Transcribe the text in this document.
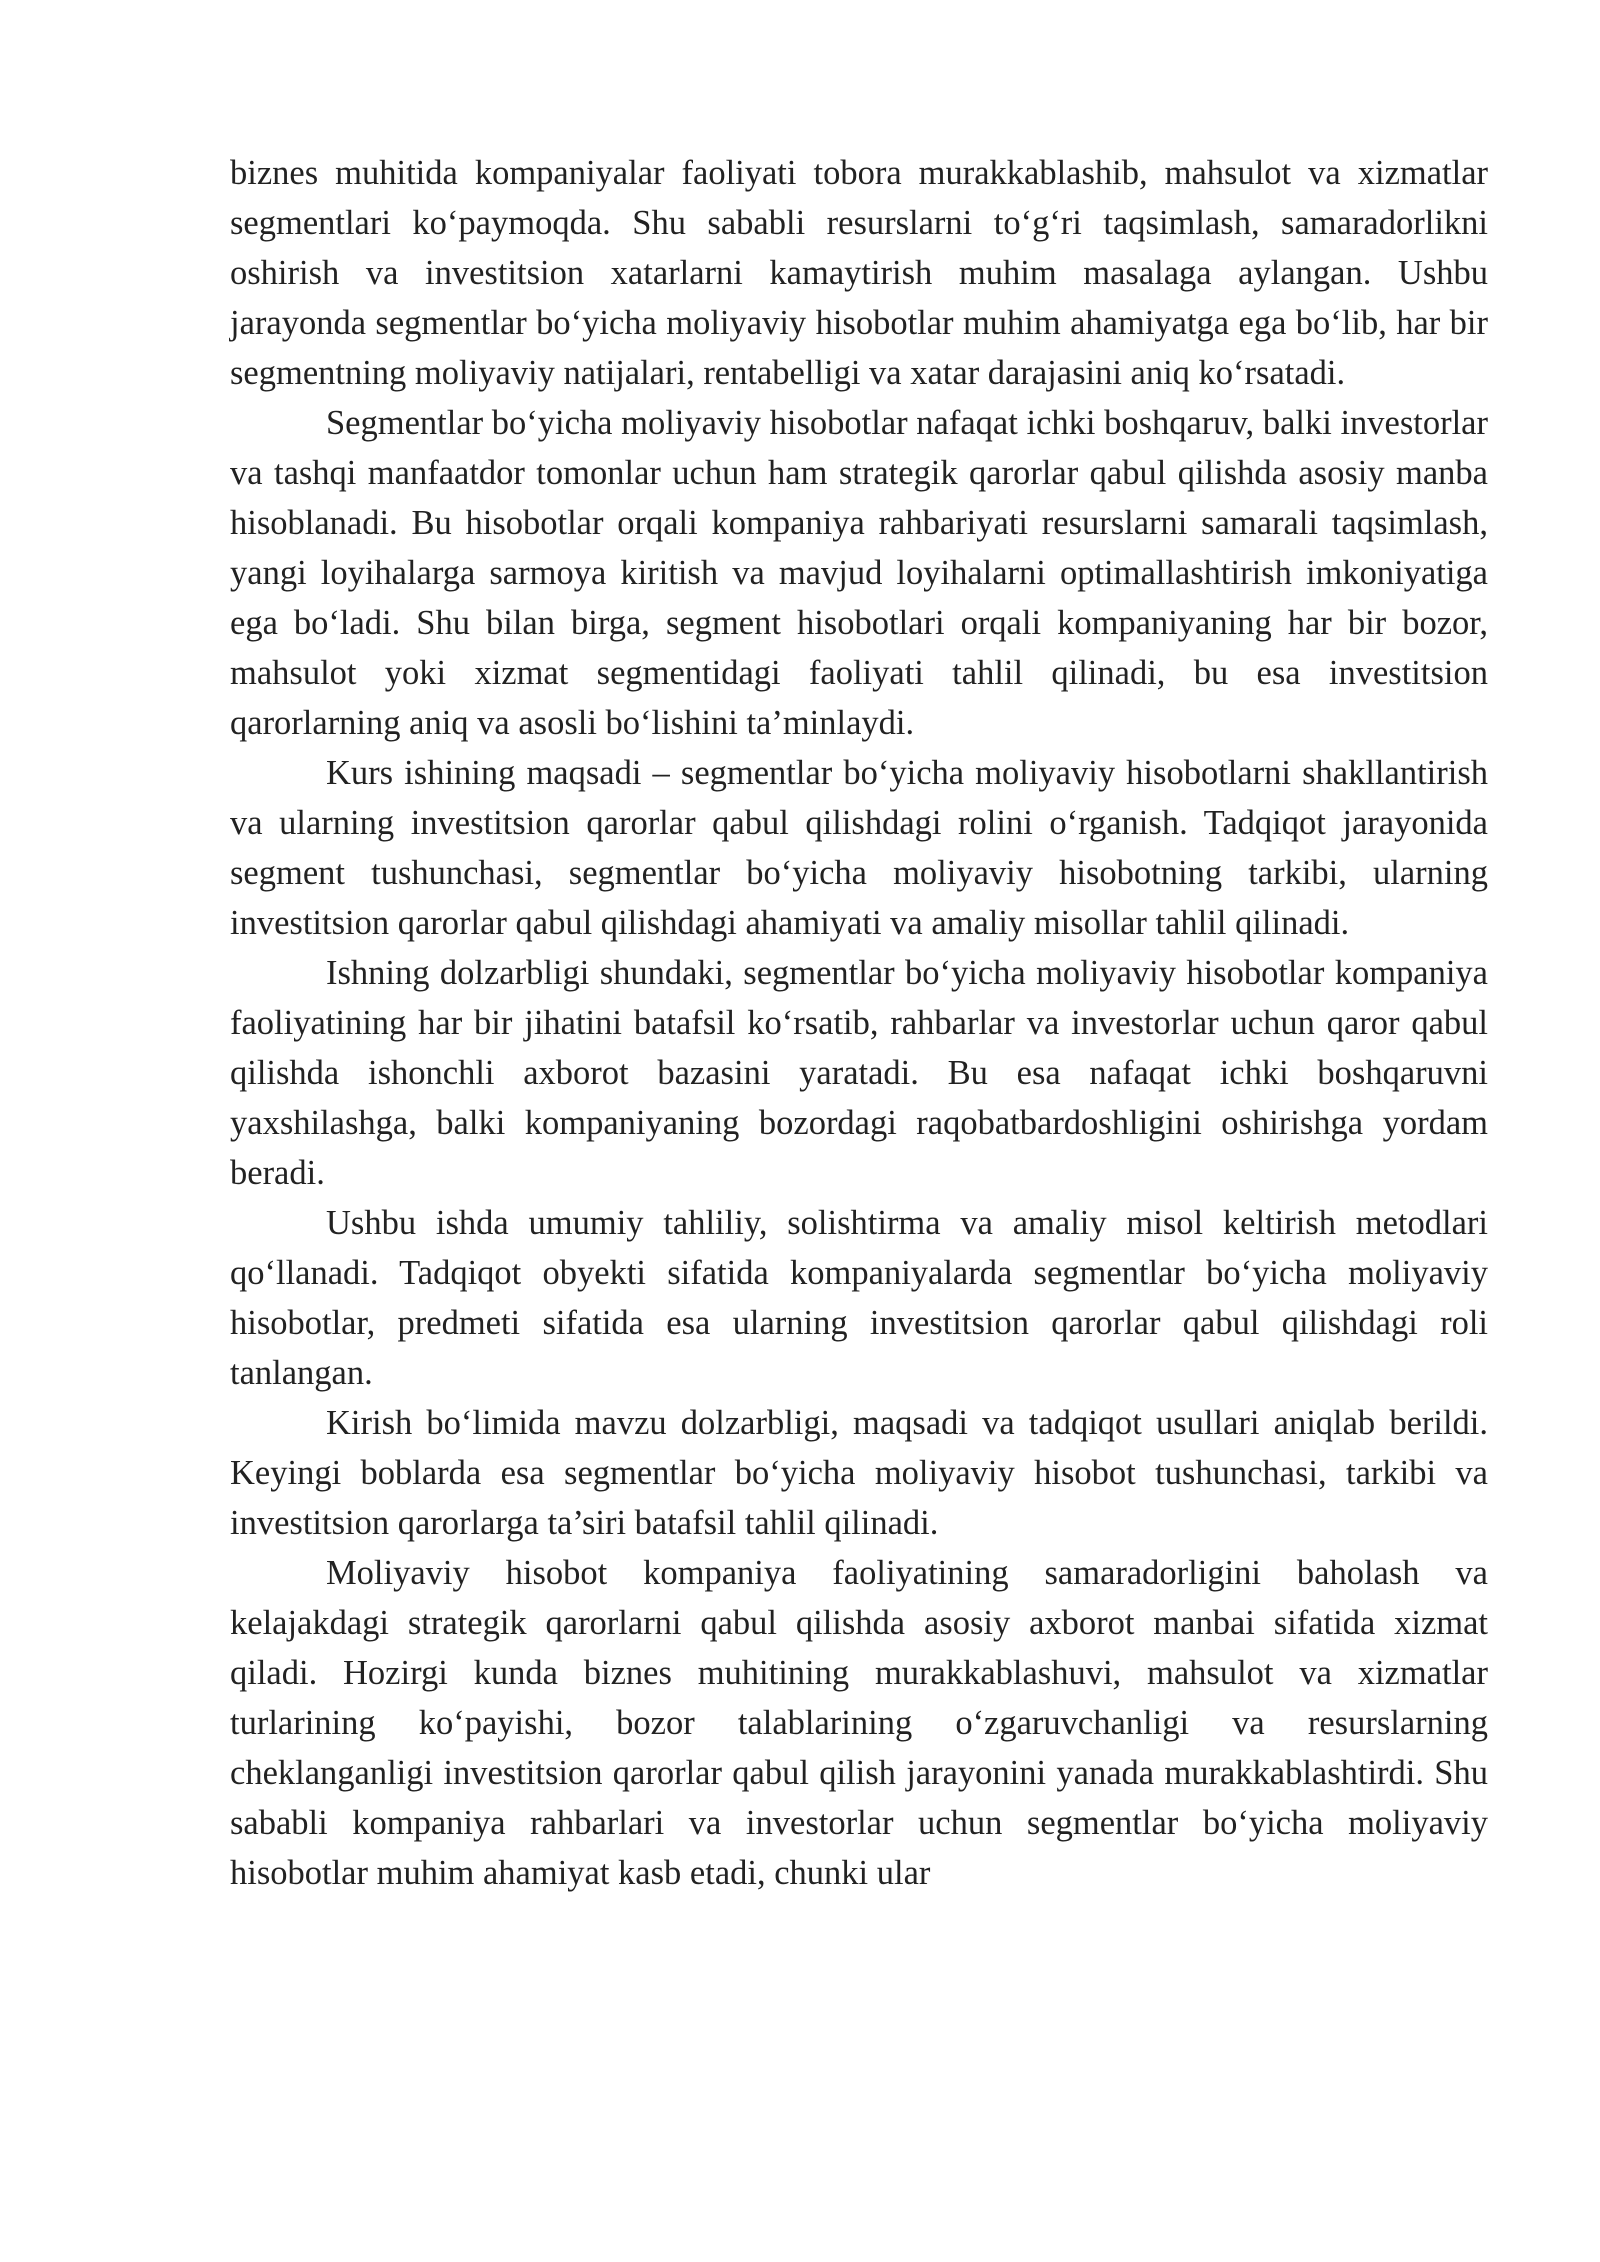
biznes muhitida kompaniyalar faoliyati tobora murakkablashib, mahsulot va xizmatlar segmentlari koʻpaymoqda. Shu sababli resurslarni toʻgʻri taqsimlash, samaradorlikni oshirish va investitsion xatarlarni kamaytirish muhim masalaga aylangan. Ushbu jarayonda segmentlar boʻyicha moliyaviy hisobotlar muhim ahamiyatga ega boʻlib, har bir segmentning moliyaviy natijalari, rentabelligi va xatar darajasini aniq koʻrsatadi.

Segmentlar boʻyicha moliyaviy hisobotlar nafaqat ichki boshqaruv, balki investorlar va tashqi manfaatdor tomonlar uchun ham strategik qarorlar qabul qilishda asosiy manba hisoblanadi. Bu hisobotlar orqali kompaniya rahbariyati resurslarni samarali taqsimlash, yangi loyihalarga sarmoya kiritish va mavjud loyihalarni optimallashtirish imkoniyatiga ega boʻladi. Shu bilan birga, segment hisobotlari orqali kompaniyaning har bir bozor, mahsulot yoki xizmat segmentidagi faoliyati tahlil qilinadi, bu esa investitsion qarorlarning aniq va asosli boʻlishini ta’minlaydi.

Kurs ishining maqsadi – segmentlar boʻyicha moliyaviy hisobotlarni shakllantirish va ularning investitsion qarorlar qabul qilishdagi rolini oʻrganish. Tadqiqot jarayonida segment tushunchasi, segmentlar boʻyicha moliyaviy hisobotning tarkibi, ularning investitsion qarorlar qabul qilishdagi ahamiyati va amaliy misollar tahlil qilinadi.

Ishning dolzarbligi shundaki, segmentlar boʻyicha moliyaviy hisobotlar kompaniya faoliyatining har bir jihatini batafsil koʻrsatib, rahbarlar va investorlar uchun qaror qabul qilishda ishonchli axborot bazasini yaratadi. Bu esa nafaqat ichki boshqaruvni yaxshilashga, balki kompaniyaning bozordagi raqobatbardoshligini oshirishga yordam beradi.

Ushbu ishda umumiy tahliliy, solishtirma va amaliy misol keltirish metodlari qoʻllanadi. Tadqiqot obyekti sifatida kompaniyalarda segmentlar boʻyicha moliyaviy hisobotlar, predmeti sifatida esa ularning investitsion qarorlar qabul qilishdagi roli tanlangan.

Kirish boʻlimida mavzu dolzarbligi, maqsadi va tadqiqot usullari aniqlab berildi. Keyingi boblarda esa segmentlar boʻyicha moliyaviy hisobot tushunchasi, tarkibi va investitsion qarorlarga ta’siri batafsil tahlil qilinadi.

Moliyaviy hisobot kompaniya faoliyatining samaradorligini baholash va kelajakdagi strategik qarorlarni qabul qilishda asosiy axborot manbai sifatida xizmat qiladi. Hozirgi kunda biznes muhitining murakkablashuvi, mahsulot va xizmatlar turlarining koʻpayishi, bozor talablarining oʻzgaruvchanligi va resurslarning cheklanganligi investitsion qarorlar qabul qilish jarayonini yanada murakkablashtirdi. Shu sababli kompaniya rahbarlari va investorlar uchun segmentlar boʻyicha moliyaviy hisobotlar muhim ahamiyat kasb etadi, chunki ular
